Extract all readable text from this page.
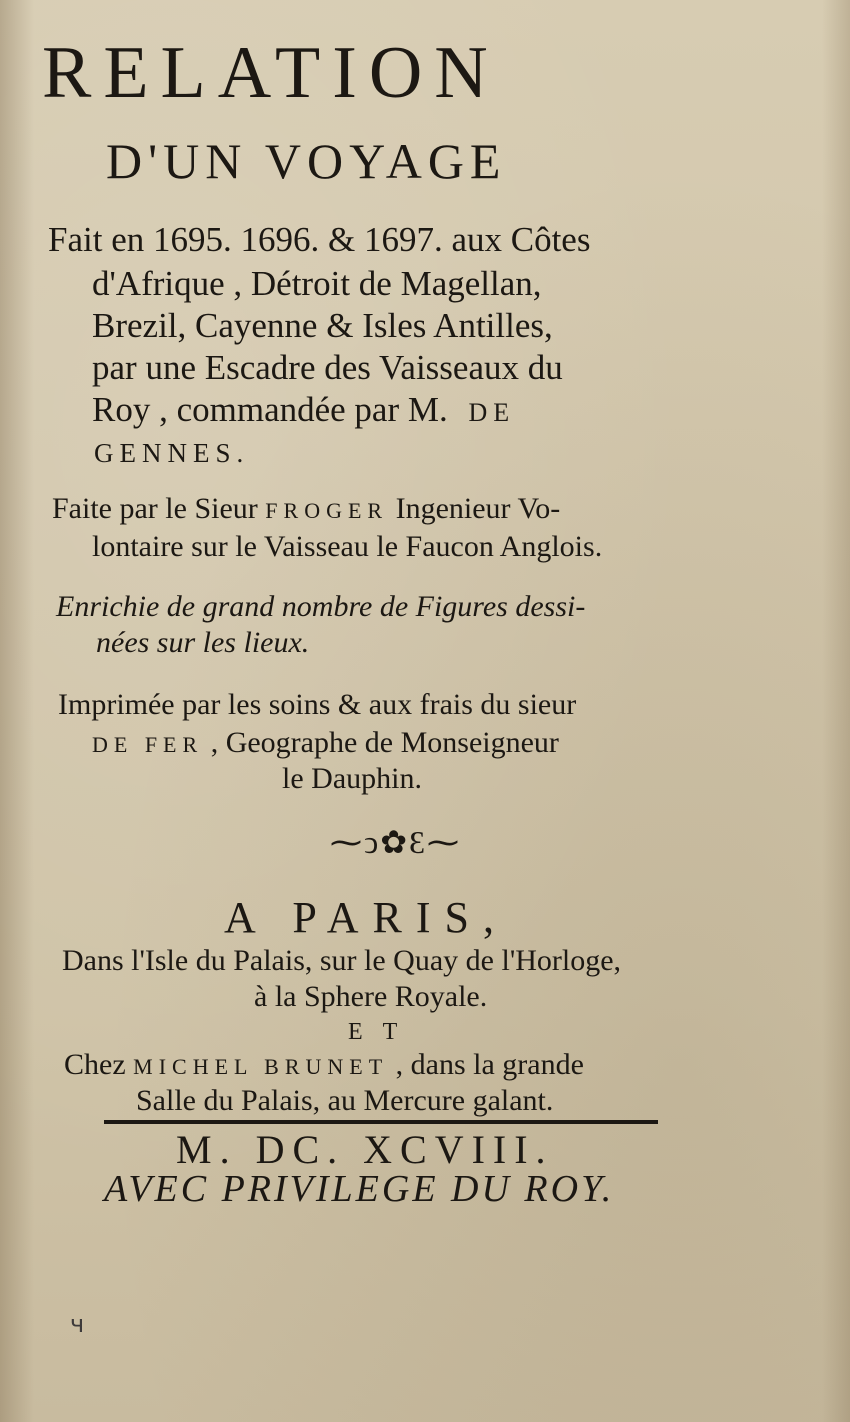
RELATION
D'UN VOYAGE
Fait en 1695. 1696. & 1697. aux Côtes
d'Afrique , Détroit de Magellan,
Brezil, Cayenne & Isles Antilles,
par une Escadre des Vaisseaux du
Roy , commandée par M. DE
GENNES.
Faite par le Sieur FROGER Ingenieur Vo-
lontaire sur le Vaisseau le Faucon Anglois.
Enrichie de grand nombre de Figures dessi-
nées sur les lieux.
Imprimée par les soins & aux frais du sieur
DE FER , Geographe de Monseigneur
le Dauphin.
⁓ↄ✿Ɛ⁓
A PARIS,
Dans l'Isle du Palais, sur le Quay de l'Horloge,
à la Sphere Royale.
ET
Chez MICHEL BRUNET , dans la grande
Salle du Palais, au Mercure galant.
M. DC. XCVIII.
AVEC PRIVILEGE DU ROY.
ч
